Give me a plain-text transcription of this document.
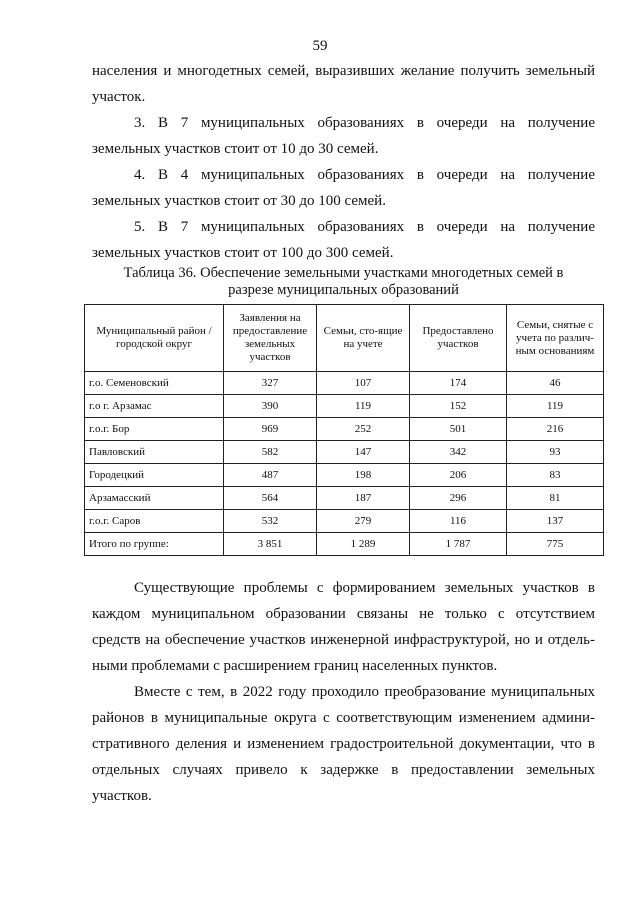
59

населения и многодетных семей, выразивших желание получить земельный участок.

3. В 7 муниципальных образованиях в очереди на получение земельных участков стоит от 10 до 30 семей.

4. В 4 муниципальных образованиях в очереди на получение земельных участков стоит от 30 до 100 семей.

5. В 7 муниципальных образованиях в очереди на получение земельных участков стоит от 100 до 300 семей.

Таблица 36. Обеспечение земельными участками многодетных семей в
разрезе муниципальных образований
Муниципальный район / городской округ	Заявления на предоставление земельных участков	Семьи, сто-ящие на учете	Предоставлено участков	Семьи, снятые с учета по различ-ным основаниям
г.о. Семеновский	327	107	174	46
г.о г. Арзамас	390	119	152	119
г.о.г. Бор	969	252	501	216
Павловский	582	147	342	93
Городецкий	487	198	206	83
Арзамасский	564	187	296	81
г.о.г. Саров	532	279	116	137
Итого по группе:	3 851	1 289	1 787	775

Существующие проблемы с формированием земельных участков в каждом муниципальном образовании связаны не только с отсутствием средств на обеспечение участков инженерной инфраструктурой, но и отдель-ными проблемами с расширением границ населенных пунктов.

Вместе с тем, в 2022 году проходило преобразование муниципальных районов в муниципальные округа с соответствующим изменением админи-стративного деления и изменением градостроительной документации, что в отдельных случаях привело к задержке в предоставлении земельных участков.
